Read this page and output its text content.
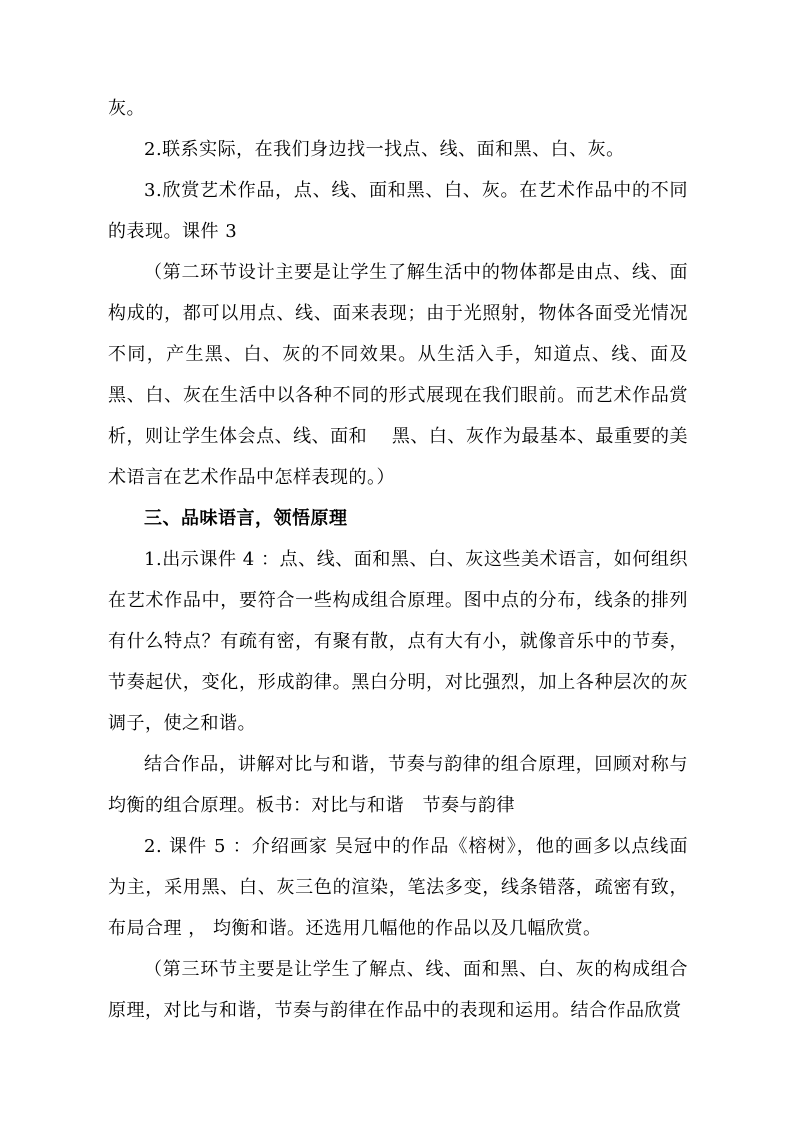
灰。

2.联系实际，在我们身边找一找点、线、面和黑、白、灰。

3.欣赏艺术作品，点、线、面和黑、白、灰。在艺术作品中的不同的表现。课件 3

（第二环节设计主要是让学生了解生活中的物体都是由点、线、面构成的，都可以用点、线、面来表现；由于光照射，物体各面受光情况不同，产生黑、白、灰的不同效果。从生活入手，知道点、线、面及黑、白、灰在生活中以各种不同的形式展现在我们眼前。而艺术作品赏析，则让学生体会点、线、面和　 黑、白、灰作为最基本、最重要的美术语言在艺术作品中怎样表现的。）

三、品味语言，领悟原理

1.出示课件 4 ：点、线、面和黑、白、灰这些美术语言，如何组织在艺术作品中，要符合一些构成组合原理。图中点的分布，线条的排列有什么特点？有疏有密，有聚有散，点有大有小，就像音乐中的节奏，节奏起伏，变化，形成韵律。黑白分明，对比强烈，加上各种层次的灰调子，使之和谐。

结合作品，讲解对比与和谐，节奏与韵律的组合原理，回顾对称与均衡的组合原理。板书：对比与和谐　节奏与韵律

2. 课件 5 ：介绍画家 吴冠中的作品《榕树》，他的画多以点线面为主，采用黑、白、灰三色的渲染，笔法多变，线条错落，疏密有致，布局合理 ， 均衡和谐。还选用几幅他的作品以及几幅欣赏。

（第三环节主要是让学生了解点、线、面和黑、白、灰的构成组合原理，对比与和谐，节奏与韵律在作品中的表现和运用。结合作品欣赏
